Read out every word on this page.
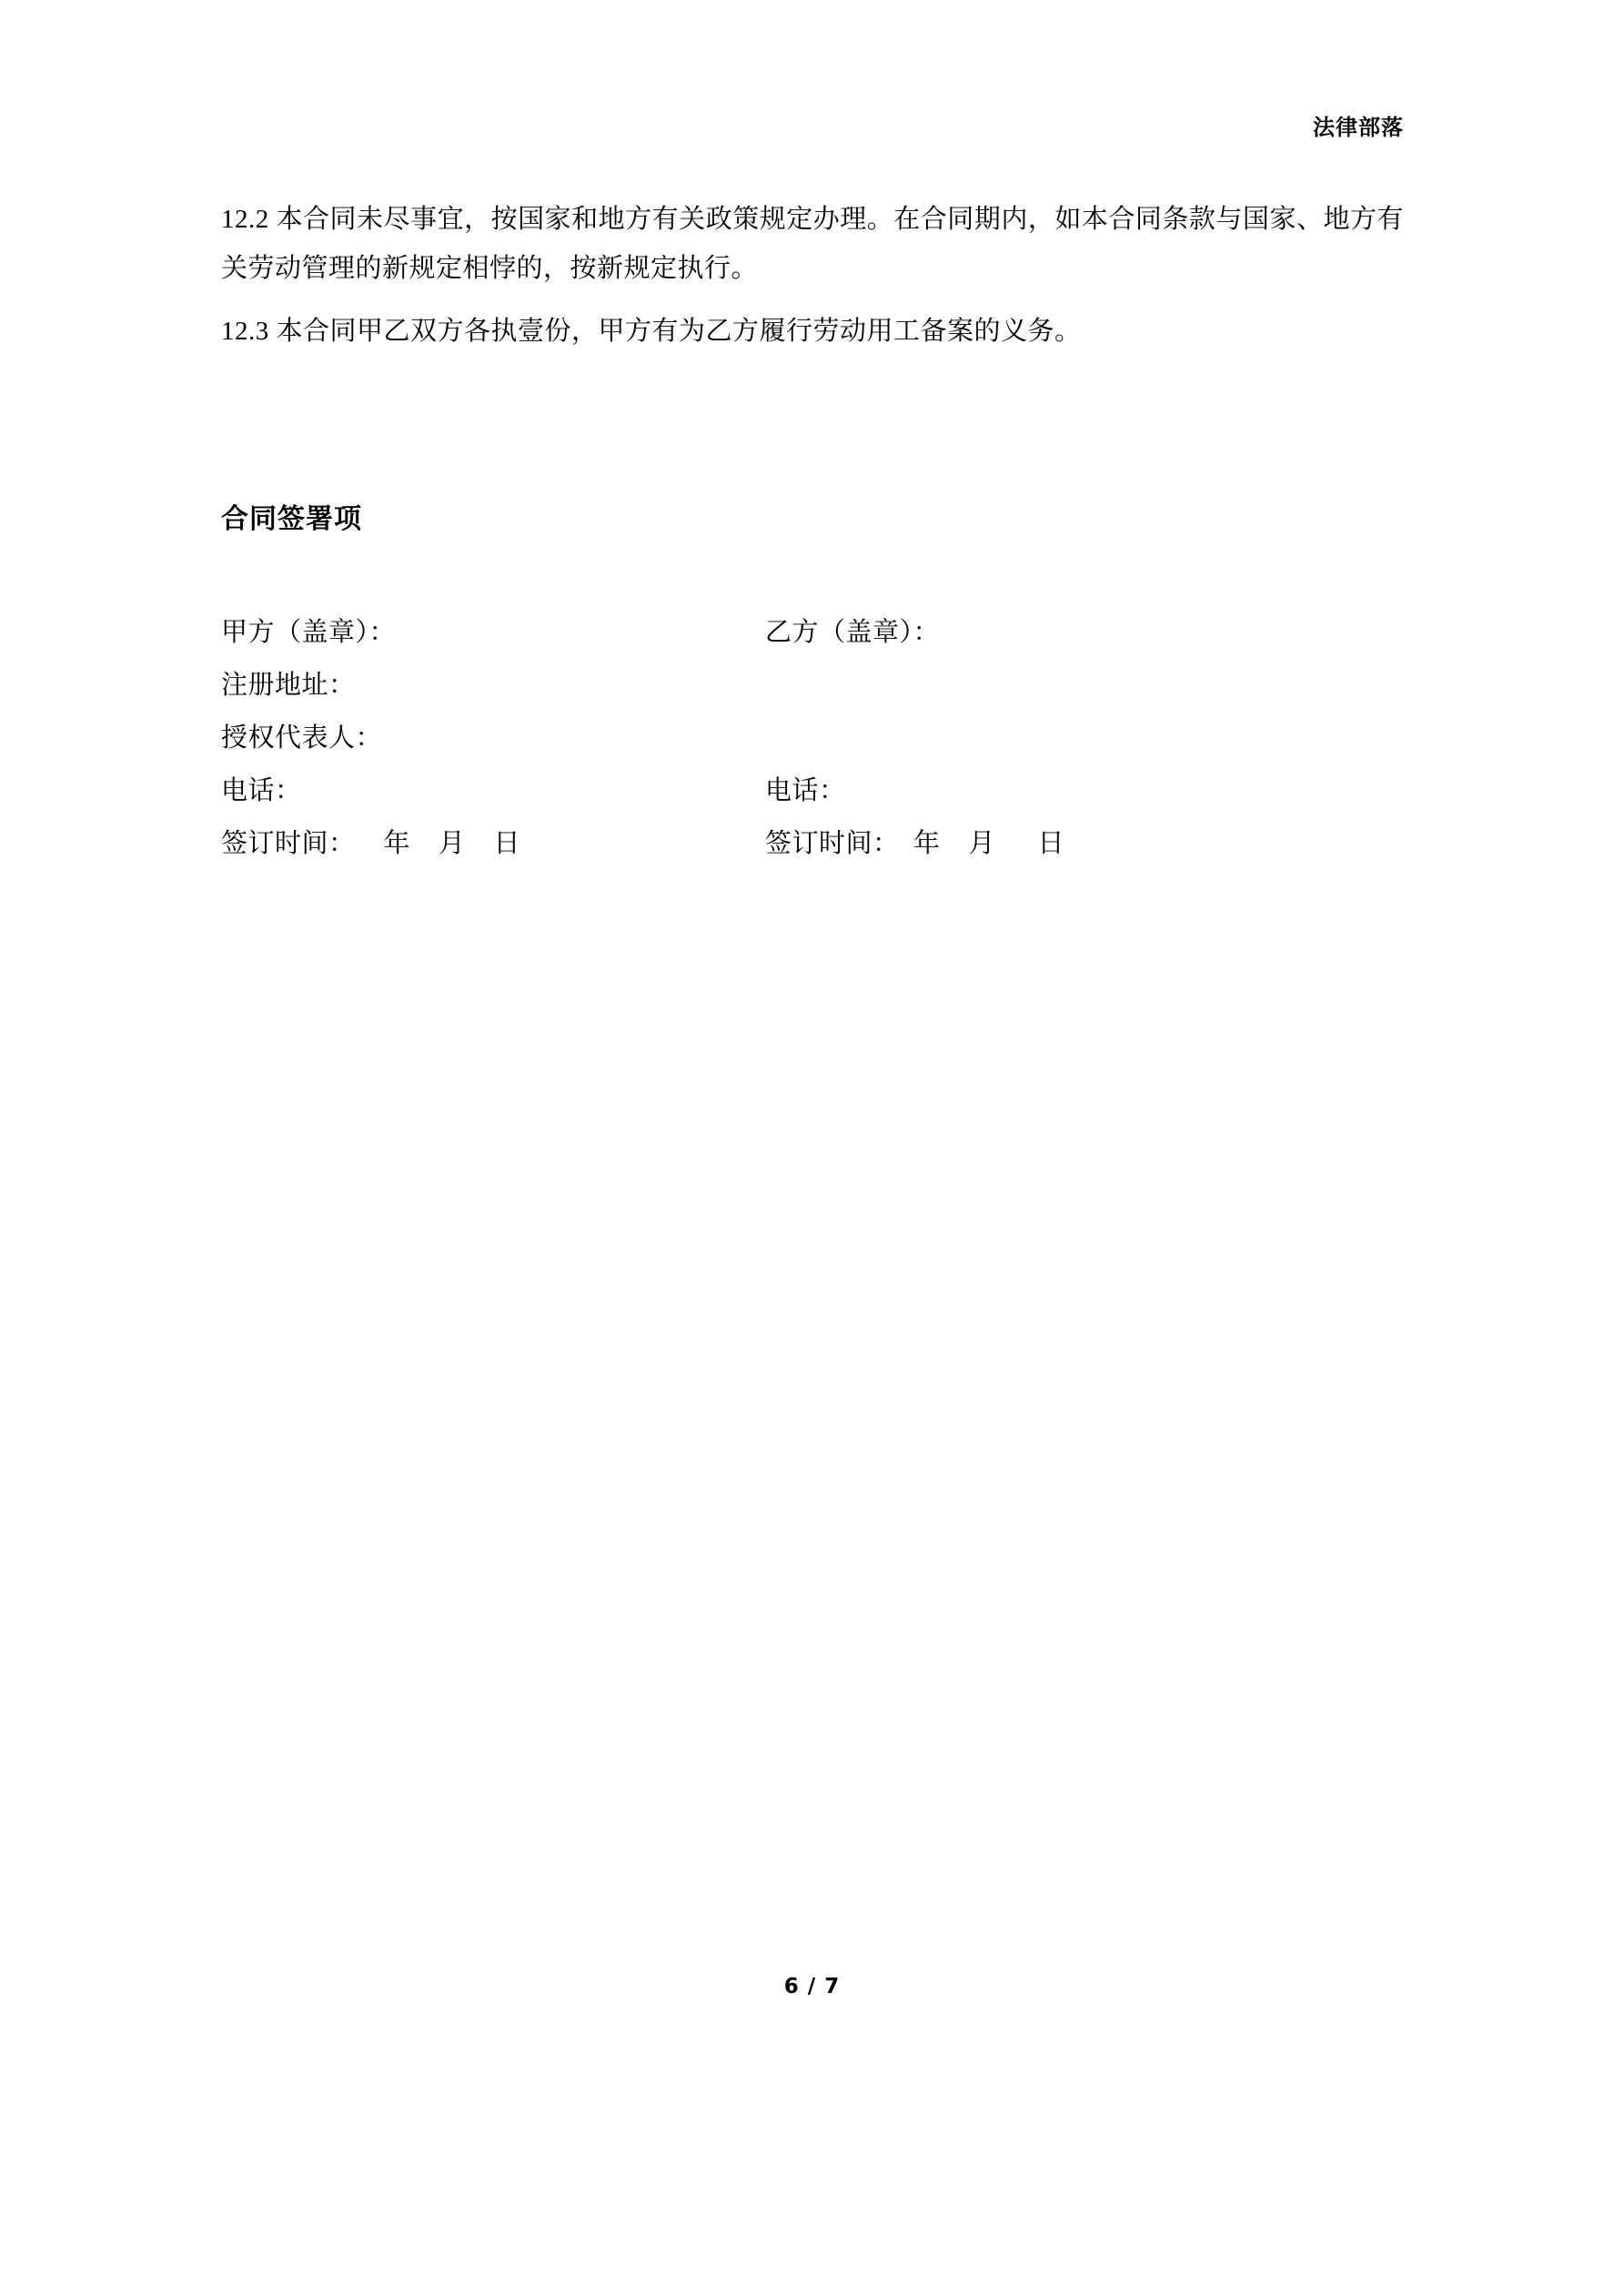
法律部落

12.2 本合同未尽事宜，按国家和地方有关政策规定办理。在合同期内，如本合同条款与国家、地方有关劳动管理的新规定相悖的，按新规定执行。

12.3 本合同甲乙双方各执壹份，甲方有为乙方履行劳动用工备案的义务。

合同签署项
甲方（盖章）：	乙方（盖章）：
注册地址：
授权代表人：
电话：	电话：
签订时间：    年    月    日	签订时间：  年    月      日
6 / 7
